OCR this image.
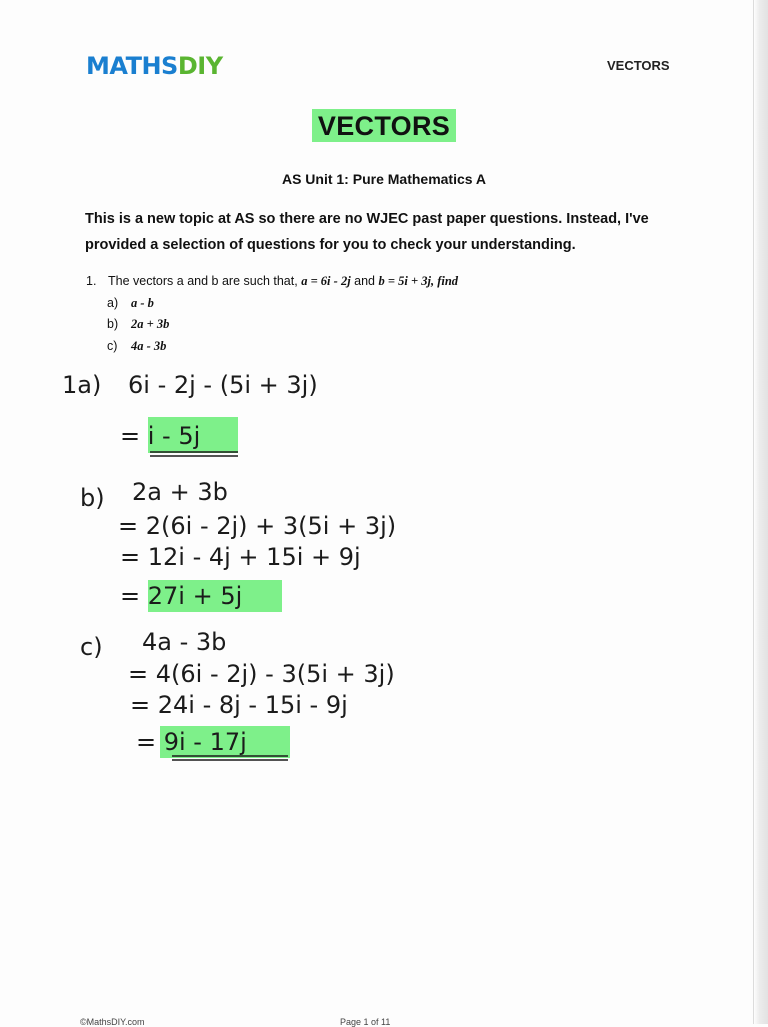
MATHSDIY	VECTORS
VECTORS
AS Unit 1: Pure Mathematics A
This is a new topic at AS so there are no WJEC past paper questions. Instead, I've provided a selection of questions for you to check your understanding.
1. The vectors a and b are such that, a = 6i - 2j and b = 5i + 3j, find
a) a - b
b) 2a + 3b
c) 4a - 3b
1a) 6i - 2j - (5i + 3j)
= i - 5j
b) 2a + 3b
= 2(6i - 2j) + 3(5i + 3j)
= 12i - 4j + 15i + 9j
= 27i + 5j
c) 4a - 3b
= 4(6i - 2j) - 3(5i + 3j)
= 24i - 8j - 15i - 9j
= 9i - 17j
©MathsDIY.com	Page 1 of 11
